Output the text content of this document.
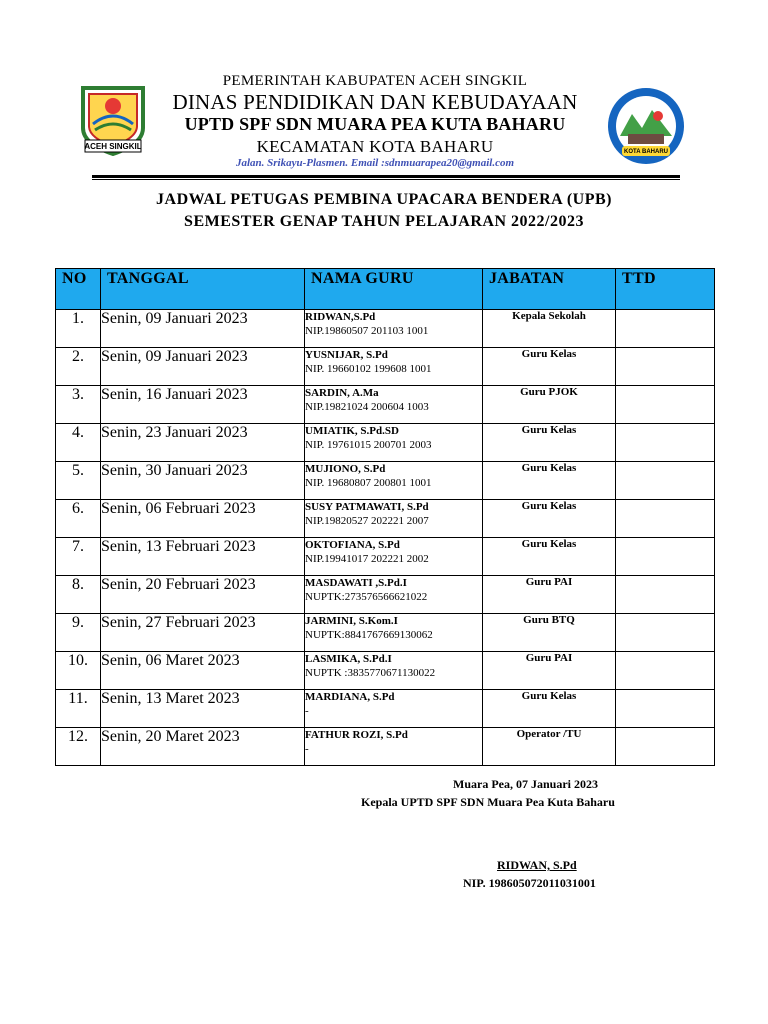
ACEH SINGKIL
KOTA BAHARU
PEMERINTAH KABUPATEN ACEH SINGKIL
DINAS PENDIDIKAN DAN KEBUDAYAAN
UPTD SPF SDN MUARA PEA KUTA BAHARU
KECAMATAN KOTA BAHARU
Jalan. Srikayu-Plasmen. Email :sdnmuarapea20@gmail.com
JADWAL PETUGAS PEMBINA UPACARA BENDERA (UPB)
SEMESTER GENAP TAHUN PELAJARAN 2022/2023
NO	TANGGAL	NAMA GURU	JABATAN	TTD
1.	Senin, 09 Januari 2023	RIDWAN,S.Pd
NIP.19860507 201103 1001	Kepala Sekolah	
2.	Senin, 09 Januari 2023	YUSNIJAR, S.Pd
NIP. 19660102 199608 1001	Guru Kelas	
3.	Senin, 16 Januari 2023	SARDIN, A.Ma
NIP.19821024 200604 1003	Guru PJOK	
4.	Senin, 23 Januari 2023	UMIATIK, S.Pd.SD
NIP. 19761015 200701 2003	Guru Kelas	
5.	Senin, 30 Januari 2023	MUJIONO, S.Pd
NIP. 19680807 200801 1001	Guru Kelas	
6.	Senin, 06 Februari 2023	SUSY PATMAWATI, S.Pd
NIP.19820527 202221 2007	Guru Kelas	
7.	Senin, 13 Februari 2023	OKTOFIANA, S.Pd
NIP.19941017 202221 2002	Guru Kelas	
8.	Senin, 20 Februari 2023	MASDAWATI ,S.Pd.I
NUPTK:273576566621022	Guru PAI	
9.	Senin, 27 Februari 2023	JARMINI, S.Kom.I
NUPTK:8841767669130062	Guru BTQ	
10.	Senin, 06 Maret 2023	LASMIKA, S.Pd.I
NUPTK :3835770671130022	Guru PAI	
11.	Senin, 13 Maret 2023	MARDIANA, S.Pd
-	Guru Kelas	
12.	Senin, 20 Maret 2023	FATHUR ROZI, S.Pd
-	Operator /TU	
Muara Pea, 07 Januari 2023
Kepala UPTD SPF SDN Muara Pea Kuta Baharu
RIDWAN, S.Pd
NIP. 198605072011031001
